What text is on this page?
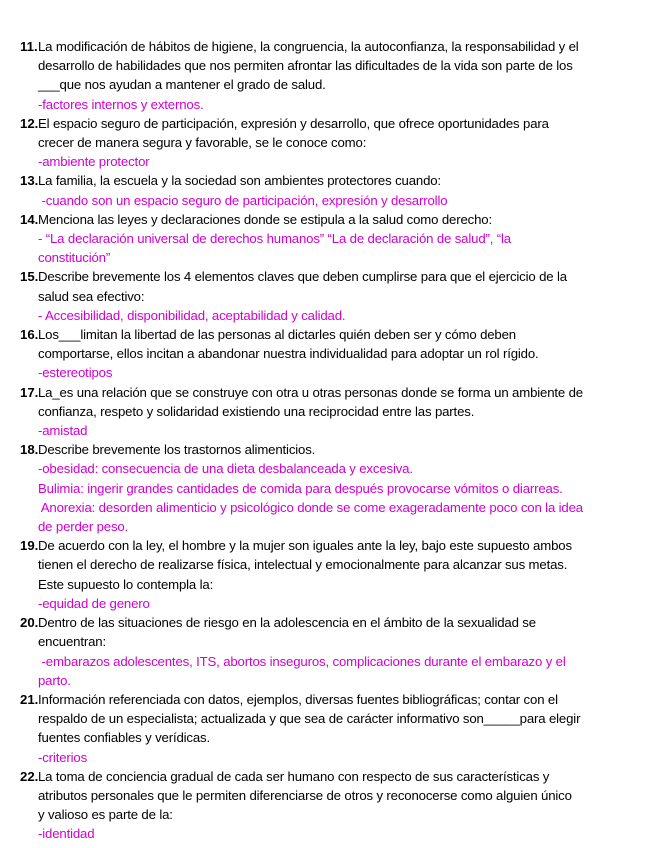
11. La modificación de hábitos de higiene, la congruencia, la autoconfianza, la responsabilidad y el
desarrollo de habilidades que nos permiten afrontar las dificultades de la vida son parte de los
___que nos ayudan a mantener el grado de salud.
-factores internos y externos.
12. El espacio seguro de participación, expresión y desarrollo, que ofrece oportunidades para
crecer de manera segura y favorable, se le conoce como:
-ambiente protector
13. La familia, la escuela y la sociedad son ambientes protectores cuando:
-cuando son un espacio seguro de participación, expresión y desarrollo
14. Menciona las leyes y declaraciones donde se estipula a la salud como derecho:
- “La declaración universal de derechos humanos” “La de declaración de salud”, “la
constitución”
15. Describe brevemente los 4 elementos claves que deben cumplirse para que el ejercicio de la
salud sea efectivo:
- Accesibilidad, disponibilidad, aceptabilidad y calidad.
16. Los___limitan la libertad de las personas al dictarles quién deben ser y cómo deben
comportarse, ellos incitan a abandonar nuestra individualidad para adoptar un rol rígido.
-estereotipos
17. La_es una relación que se construye con otra u otras personas donde se forma un ambiente de
confianza, respeto y solidaridad existiendo una reciprocidad entre las partes.
-amistad
18. Describe brevemente los trastornos alimenticios.
-obesidad: consecuencia de una dieta desbalanceada y excesiva.
Bulimia: ingerir grandes cantidades de comida para después provocarse vómitos o diarreas.
Anorexia: desorden alimenticio y psicológico donde se come exageradamente poco con la idea
de perder peso.
19. De acuerdo con la ley, el hombre y la mujer son iguales ante la ley, bajo este supuesto ambos
tienen el derecho de realizarse física, intelectual y emocionalmente para alcanzar sus metas.
Este supuesto lo contempla la:
-equidad de genero
20. Dentro de las situaciones de riesgo en la adolescencia en el ámbito de la sexualidad se
encuentran:
-embarazos adolescentes, ITS, abortos inseguros, complicaciones durante el embarazo y el
parto.
21. Información referenciada con datos, ejemplos, diversas fuentes bibliográficas; contar con el
respaldo de un especialista; actualizada y que sea de carácter informativo son_____para elegir
fuentes confiables y verídicas.
-criterios
22. La toma de conciencia gradual de cada ser humano con respecto de sus características y
atributos personales que le permiten diferenciarse de otros y reconocerse como alguien único
y valioso es parte de la:
-identidad
